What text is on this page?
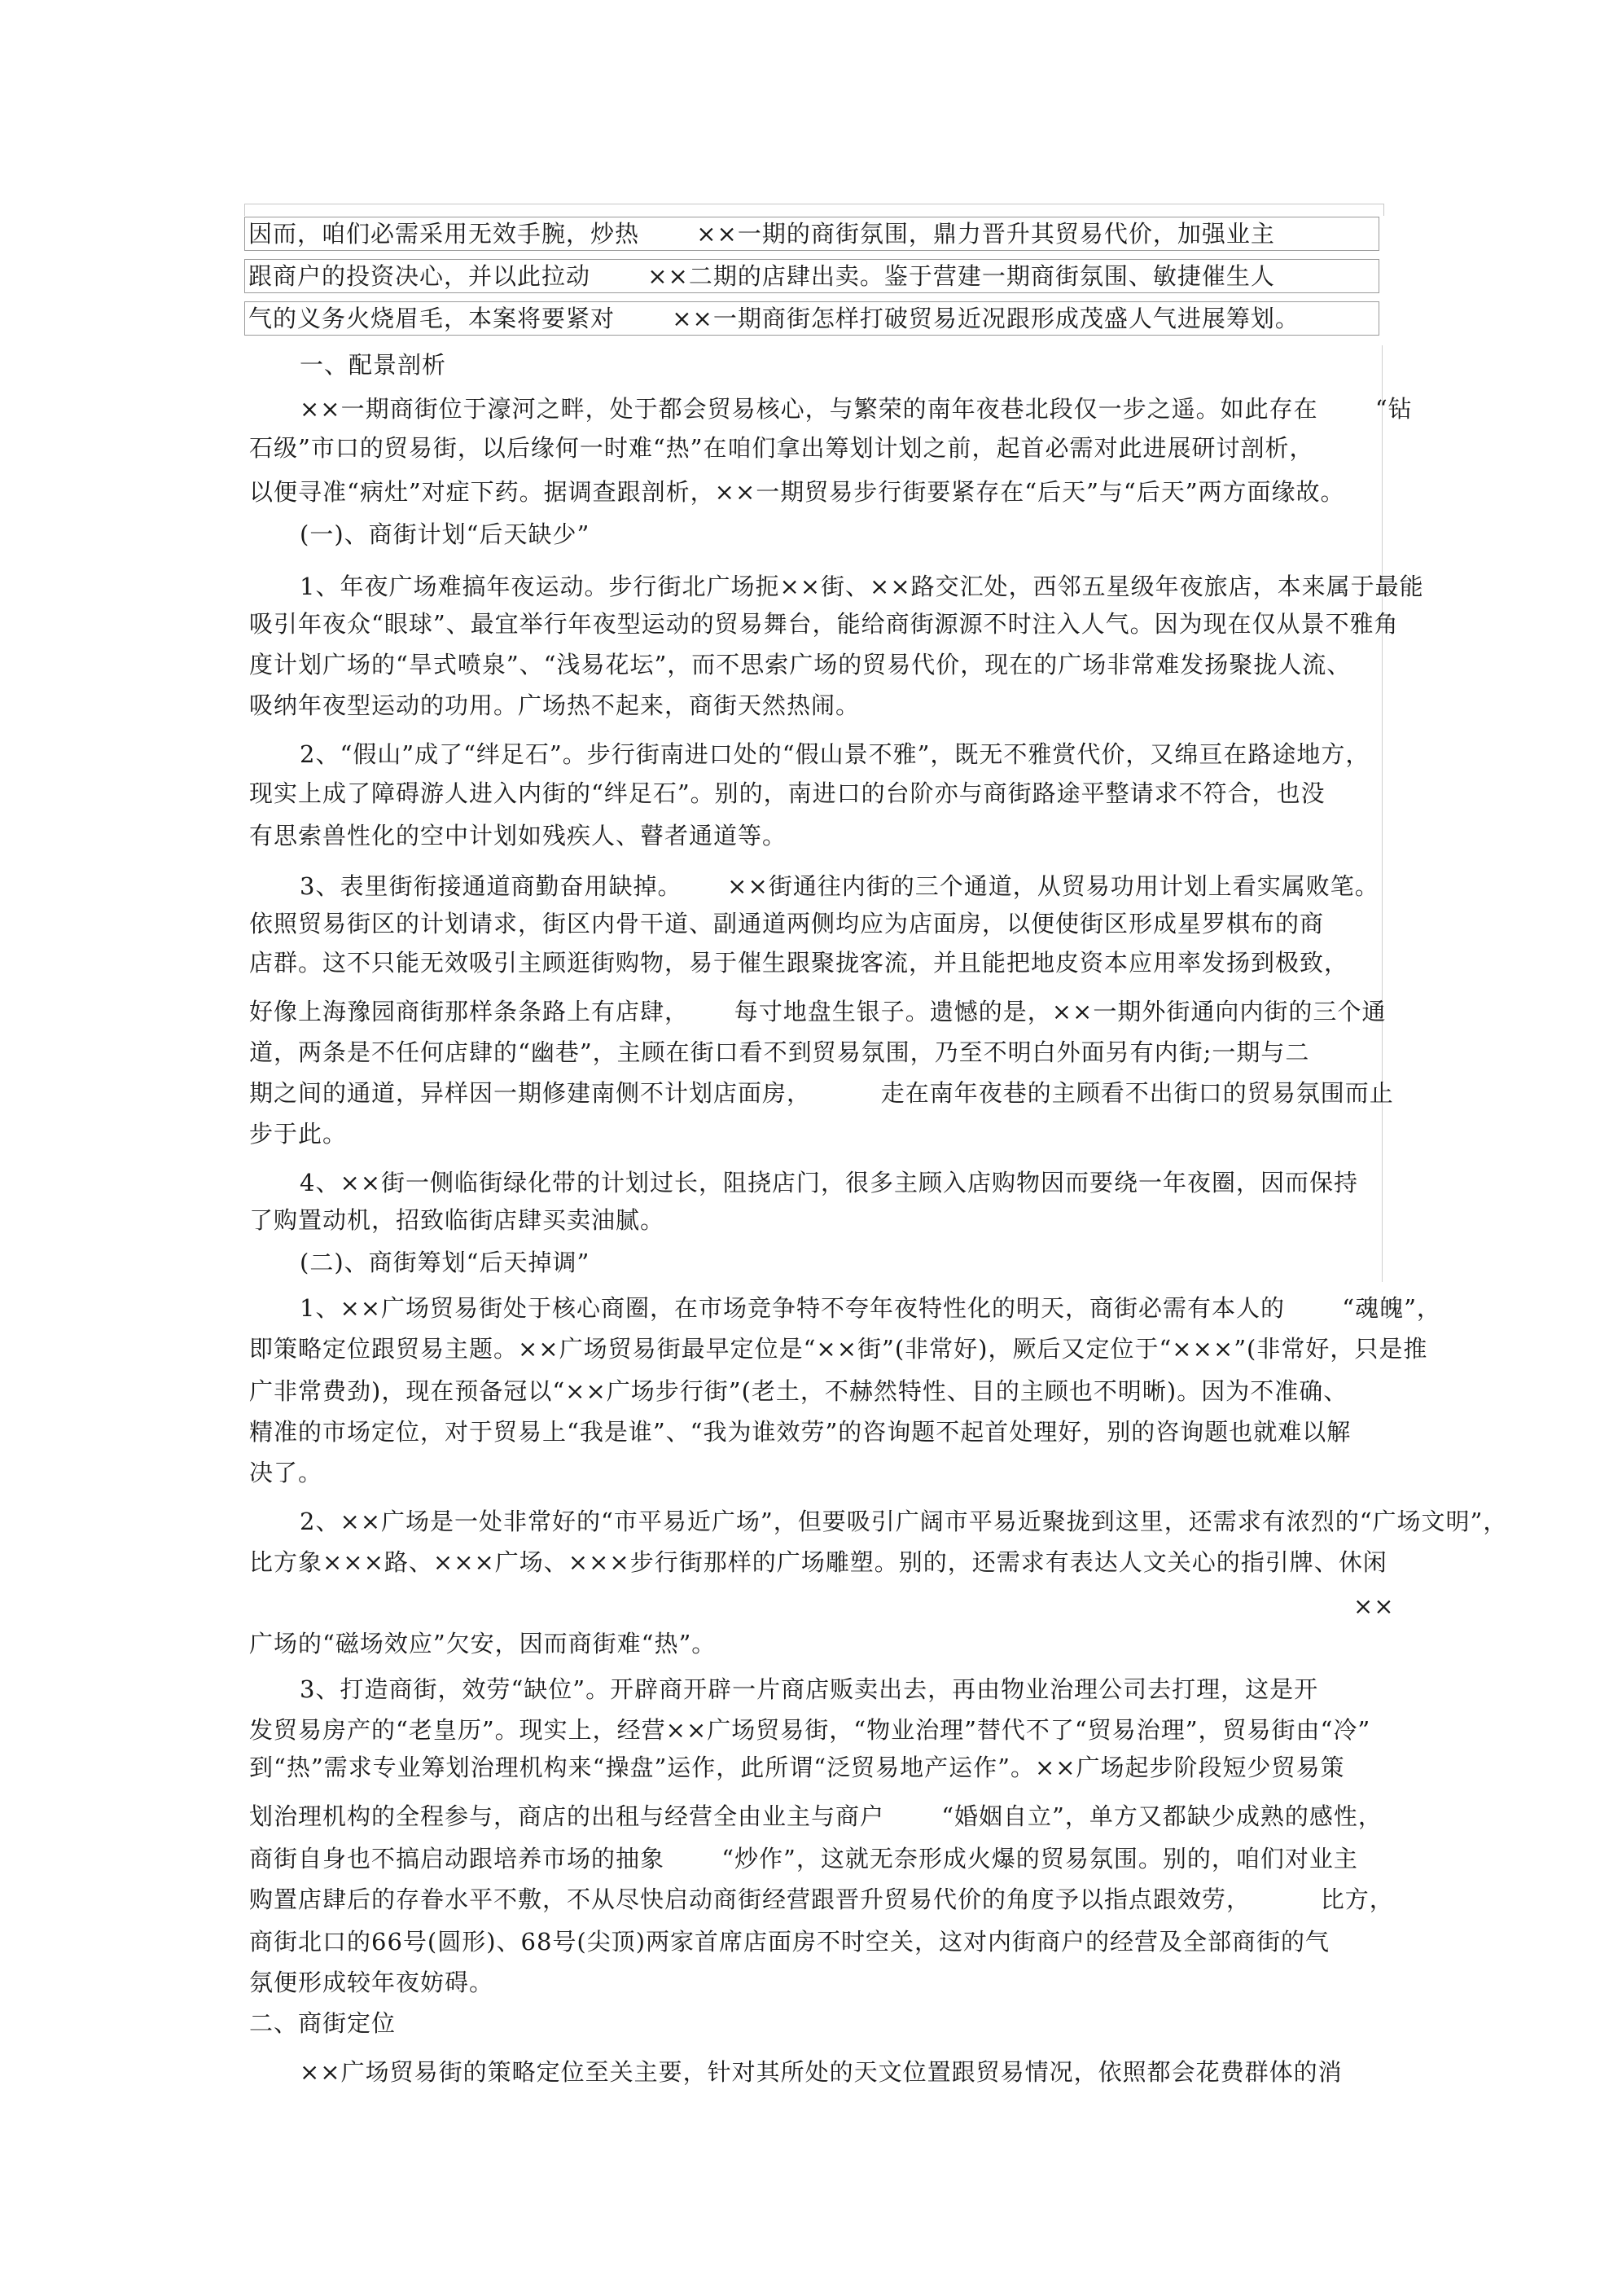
因而，咱们必需采用无效手腕，炒热　　 ××一期的商街氛围，鼎力晋升其贸易代价，加强业主
跟商户的投资决心，并以此拉动　　 ××二期的店肆出卖。鉴于营建一期商街氛围、敏捷催生人
气的义务火烧眉毛，本案将要紧对　　 ××一期商街怎样打破贸易近况跟形成茂盛人气进展筹划。
一、配景剖析
××一期商街位于濠河之畔，处于都会贸易核心，与繁荣的南年夜巷北段仅一步之遥。如此存在　　 “钻
石级”市口的贸易街，以后缘何一时难“热”在咱们拿出筹划计划之前，起首必需对此进展研讨剖析，
以便寻准“病灶”对症下药。据调查跟剖析，××一期贸易步行街要紧存在“后天”与“后天”两方面缘故。
(一)、商街计划“后天缺少”
1、年夜广场难搞年夜运动。步行街北广场扼××街、××路交汇处，西邻五星级年夜旅店，本来属于最能
吸引年夜众“眼球”、最宜举行年夜型运动的贸易舞台，能给商街源源不时注入人气。因为现在仅从景不雅角
度计划广场的“旱式喷泉”、“浅易花坛”，而不思索广场的贸易代价，现在的广场非常难发扬聚拢人流、
吸纳年夜型运动的功用。广场热不起来，商街天然热闹。
2、“假山”成了“绊足石”。步行街南进口处的“假山景不雅”，既无不雅赏代价，又绵亘在路途地方，
现实上成了障碍游人进入内街的“绊足石”。别的，南进口的台阶亦与商街路途平整请求不符合，也没
有思索兽性化的空中计划如残疾人、瞽者通道等。
3、表里街衔接通道商勤奋用缺掉。　　 ××街通往内街的三个通道，从贸易功用计划上看实属败笔。
依照贸易街区的计划请求，街区内骨干道、副通道两侧均应为店面房，以便使街区形成星罗棋布的商
店群。这不只能无效吸引主顾逛街购物，易于催生跟聚拢客流，并且能把地皮资本应用率发扬到极致，
好像上海豫园商街那样条条路上有店肆，　　 每寸地盘生银子。遗憾的是，××一期外街通向内街的三个通
道，两条是不任何店肆的“幽巷”，主顾在街口看不到贸易氛围，乃至不明白外面另有内街;一期与二
期之间的通道，异样因一期修建南侧不计划店面房，　　　 走在南年夜巷的主顾看不出街口的贸易氛围而止
步于此。
4、××街一侧临街绿化带的计划过长，阻挠店门，很多主顾入店购物因而要绕一年夜圈，因而保持
了购置动机，招致临街店肆买卖油腻。
(二)、商街筹划“后天掉调”
1、××广场贸易街处于核心商圈，在市场竞争特不夸年夜特性化的明天，商街必需有本人的　　 “魂魄”，
即策略定位跟贸易主题。××广场贸易街最早定位是“××街”(非常好)，厥后又定位于“×××”(非常好，只是推
广非常费劲)，现在预备冠以“××广场步行街”(老土，不赫然特性、目的主顾也不明晰)。因为不准确、
精准的市场定位，对于贸易上“我是谁”、“我为谁效劳”的咨询题不起首处理好，别的咨询题也就难以解
决了。
2、××广场是一处非常好的“市平易近广场”，但要吸引广阔市平易近聚拢到这里，还需求有浓烈的“广场文明”，
比方象×××路、×××广场、×××步行街那样的广场雕塑。别的，还需求有表达人文关心的指引牌、休闲
××
广场的“磁场效应”欠安，因而商街难“热”。
3、打造商街，效劳“缺位”。开辟商开辟一片商店贩卖出去，再由物业治理公司去打理，这是开
发贸易房产的“老皇历”。现实上，经营××广场贸易街，“物业治理”替代不了“贸易治理”，贸易街由“冷”
到“热”需求专业筹划治理机构来“操盘”运作，此所谓“泛贸易地产运作”。××广场起步阶段短少贸易策
划治理机构的全程参与，商店的出租与经营全由业主与商户　　 “婚姻自立”，单方又都缺少成熟的感性，
商街自身也不搞启动跟培养市场的抽象　　 “炒作”，这就无奈形成火爆的贸易氛围。别的，咱们对业主
购置店肆后的存眷水平不敷，不从尽快启动商街经营跟晋升贸易代价的角度予以指点跟效劳，　　　 比方，
商街北口的66号(圆形)、68号(尖顶)两家首席店面房不时空关，这对内街商户的经营及全部商街的气
氛便形成较年夜妨碍。
二、商街定位
××广场贸易街的策略定位至关主要，针对其所处的天文位置跟贸易情况，依照都会花费群体的消
